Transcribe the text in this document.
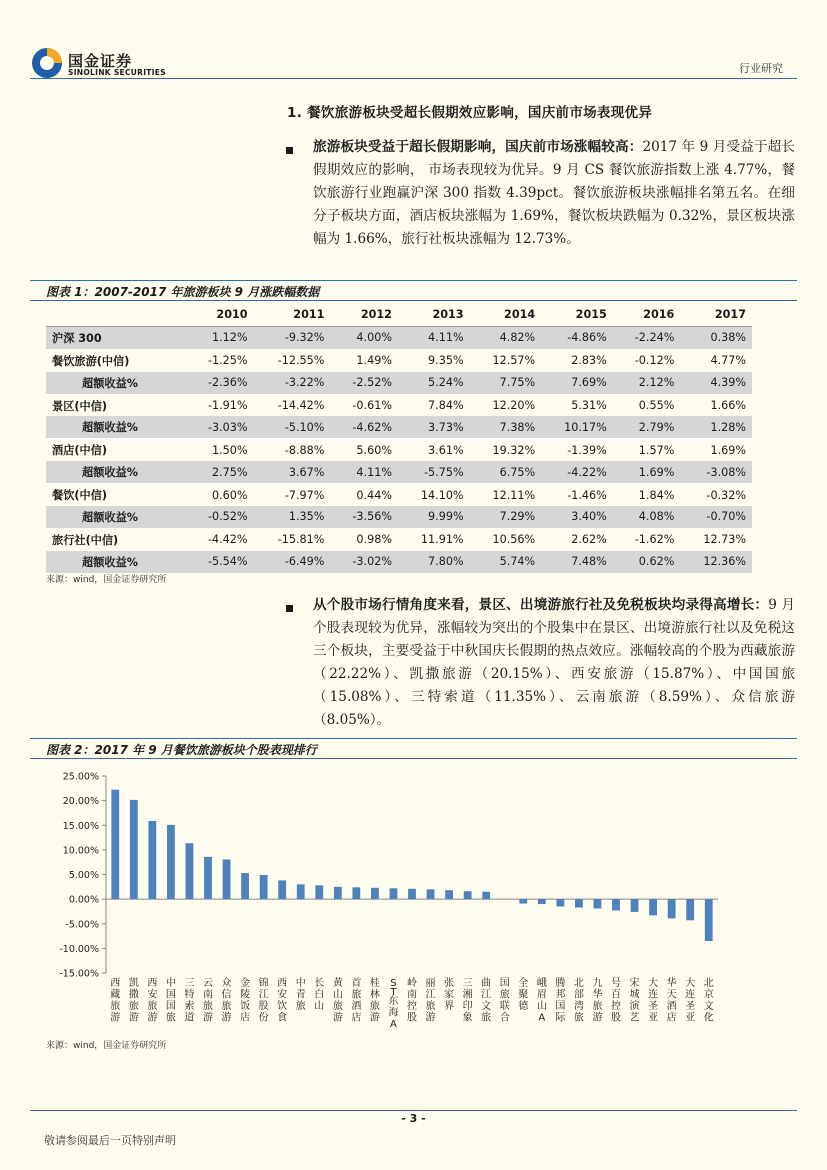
国金证券
SINOLINK SECURITIES	行业研究
1. 餐饮旅游板块受超长假期效应影响，国庆前市场表现优异
旅游板块受益于超长假期影响，国庆前市场涨幅较高：2017 年 9 月受益于超长假期效应的影响， 市场表现较为优异。9 月 CS 餐饮旅游指数上涨 4.77%，餐饮旅游行业跑赢沪深 300 指数 4.39pct。餐饮旅游板块涨幅排名第五名。在细分子板块方面，酒店板块涨幅为 1.69%，餐饮板块跌幅为 0.32%，景区板块涨幅为 1.66%，旅行社板块涨幅为 12.73%。
图表 1：2007-2017 年旅游板块 9 月涨跌幅数据
	2010	2011	2012	2013	2014	2015	2016	2017
沪深 300	1.12%	-9.32%	4.00%	4.11%	4.82%	-4.86%	-2.24%	0.38%
餐饮旅游(中信)	-1.25%	-12.55%	1.49%	9.35%	12.57%	2.83%	-0.12%	4.77%
超额收益%	-2.36%	-3.22%	-2.52%	5.24%	7.75%	7.69%	2.12%	4.39%
景区(中信)	-1.91%	-14.42%	-0.61%	7.84%	12.20%	5.31%	0.55%	1.66%
超额收益%	-3.03%	-5.10%	-4.62%	3.73%	7.38%	10.17%	2.79%	1.28%
酒店(中信)	1.50%	-8.88%	5.60%	3.61%	19.32%	-1.39%	1.57%	1.69%
超额收益%	2.75%	3.67%	4.11%	-5.75%	6.75%	-4.22%	1.69%	-3.08%
餐饮(中信)	0.60%	-7.97%	0.44%	14.10%	12.11%	-1.46%	1.84%	-0.32%
超额收益%	-0.52%	1.35%	-3.56%	9.99%	7.29%	3.40%	4.08%	-0.70%
旅行社(中信)	-4.42%	-15.81%	0.98%	11.91%	10.56%	2.62%	-1.62%	12.73%
超额收益%	-5.54%	-6.49%	-3.02%	7.80%	5.74%	7.48%	0.62%	12.36%
来源：wind，国金证券研究所
从个股市场行情角度来看，景区、出境游旅行社及免税板块均录得高增长：9 月个股表现较为优异，涨幅较为突出的个股集中在景区、出境游旅行社以及免税这三个板块，主要受益于中秋国庆长假期的热点效应。涨幅较高的个股为西藏旅游（22.22%）、凯撒旅游（20.15%）、西安旅游（15.87%）、中国国旅（15.08%）、三特索道（11.35%）、云南旅游（8.59%）、众信旅游（8.05%）。
图表 2：2017 年 9 月餐饮旅游板块个股表现排行
25.00%
20.00%
15.00%
10.00%
5.00%
0.00%
-5.00%
-10.00%
-15.00%
西藏旅游
凯撒旅游
西安旅游
中国国旅
三特索道
云南旅游
众信旅游
金陵饭店
锦江股份
西安饮食
中青旅
长白山
黄山旅游
首旅酒店
桂林旅游
S T 东海 A
岭南控股
丽江旅游
张家界
三湘印象
曲江文旅
国旅联合
全聚德
峨眉山 A
腾邦国际
北部湾旅
九华旅游
号百控股
宋城演艺
大连圣亚
华天酒店
大连圣亚
北京文化
来源：wind，国金证券研究所
- 3 -
敬请参阅最后一页特别声明
